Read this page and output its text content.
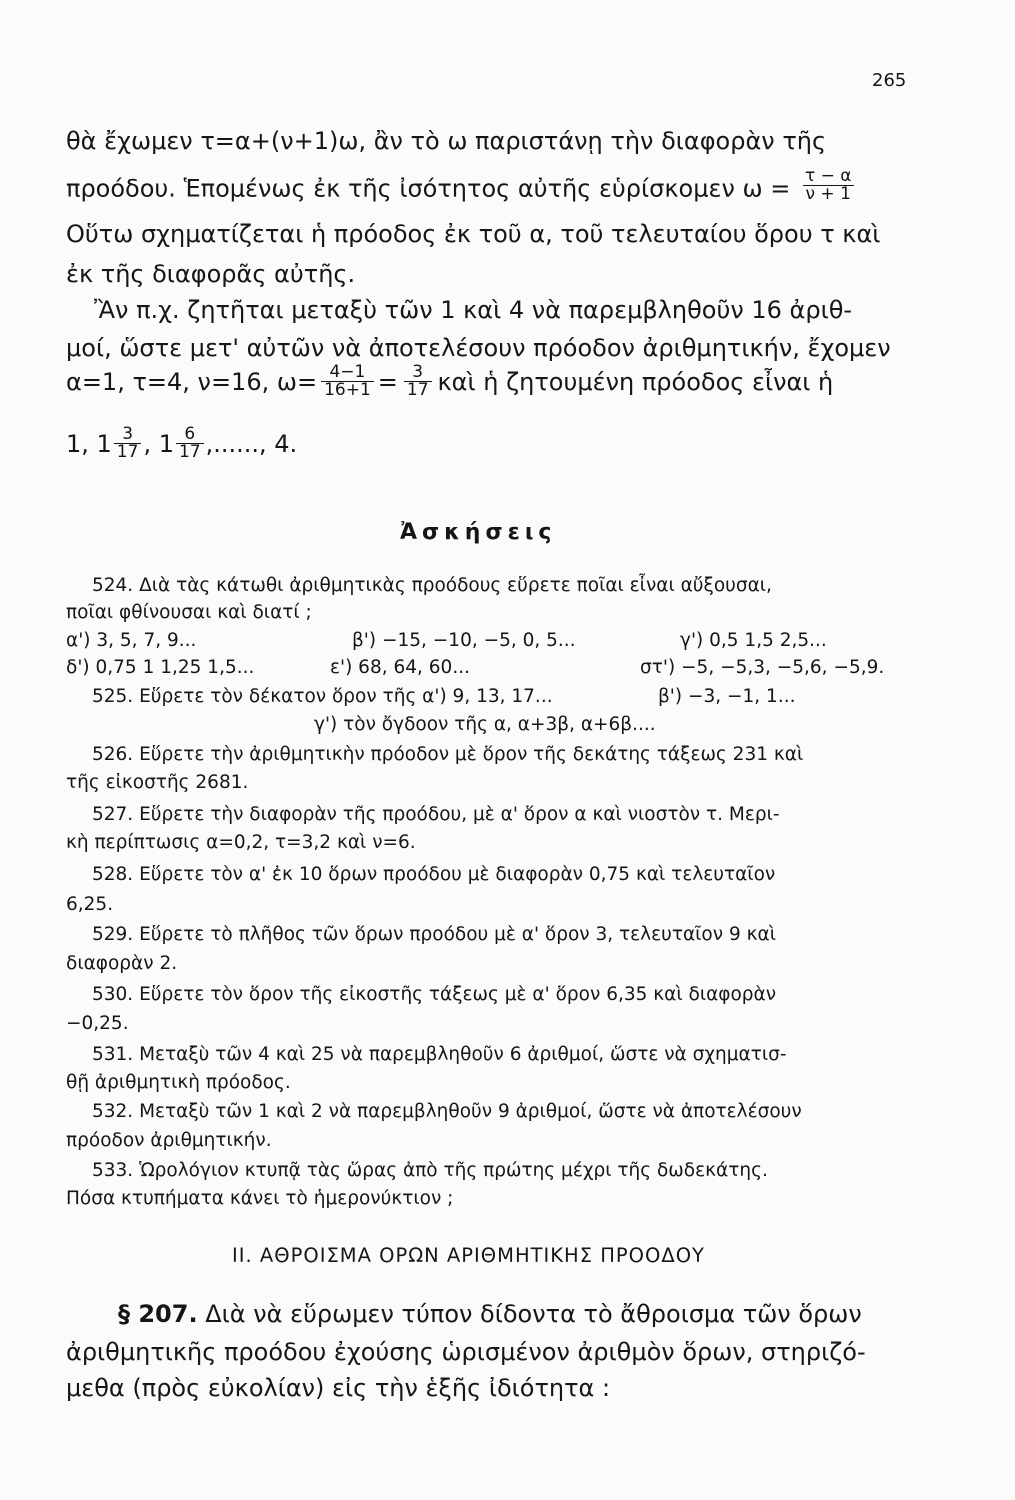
265
θὰ ἔχωμεν τ=α+(ν+1)ω, ἂν τὸ ω παριστάνῃ τὴν διαφορὰν τῆς
προόδου. Ἑπομένως ἐκ τῆς ἰσότητος αὐτῆς εὑρίσκομεν $\omega = \frac{\tau - \alpha}{\nu + 1}$
Οὕτω σχηματίζεται ἡ πρόοδος ἐκ τοῦ α, τοῦ τελευταίου ὅρου τ καὶ
ἐκ τῆς διαφορᾶς αὐτῆς.
Ἂν π.χ. ζητῆται μεταξὺ τῶν 1 καὶ 4 νὰ παρεμβληθοῦν 16 ἀριθ-
μοί, ὥστε μετ' αὐτῶν νὰ ἀποτελέσουν πρόοδον ἀριθμητικήν, ἔχομεν
α=1, τ=4, ν=16, $\omega= \frac{4-1}{16+1} = \frac{3}{17}$ καὶ ἡ ζητουμένη πρόοδος εἶναι ἡ
1, $1 \frac{3}{17}$ , $1 \frac{6}{17}$ ,......, 4.
Ἀσκήσεις
524. Διὰ τὰς κάτωθι ἀριθμητικὰς προόδους εὕρετε ποῖαι εἶναι αὔξουσαι,
ποῖαι φθίνουσαι καὶ διατί ;
α') 3, 5, 7, 9...	β') −15, −10, −5, 0, 5...	γ') 0,5 1,5 2,5...
δ') 0,75 1 1,25 1,5...	ε') 68, 64, 60...	στ') −5, −5,3, −5,6, −5,9.
525. Εὕρετε τὸν δέκατον ὅρον τῆς α') 9, 13, 17...	β') −3, −1, 1...
γ') τὸν ὄγδοον τῆς α, α+3β, α+6β....
526. Εὕρετε τὴν ἀριθμητικὴν πρόοδον μὲ ὅρον τῆς δεκάτης τάξεως 231 καὶ
τῆς εἰκοστῆς 2681.
527. Εὕρετε τὴν διαφορὰν τῆς προόδου, μὲ α' ὅρον α καὶ νιοστὸν τ. Μερι-
κὴ περίπτωσις α=0,2, τ=3,2 καὶ ν=6.
528. Εὕρετε τὸν α' ἐκ 10 ὅρων προόδου μὲ διαφορὰν 0,75 καὶ τελευταῖον
6,25.
529. Εὕρετε τὸ πλῆθος τῶν ὅρων προόδου μὲ α' ὅρον 3, τελευταῖον 9 καὶ
διαφορὰν 2.
530. Εὕρετε τὸν ὅρον τῆς εἰκοστῆς τάξεως μὲ α' ὅρον 6,35 καὶ διαφορὰν
−0,25.
531. Μεταξὺ τῶν 4 καὶ 25 νὰ παρεμβληθοῦν 6 ἀριθμοί, ὥστε νὰ σχηματισ-
θῇ ἀριθμητικὴ πρόοδος.
532. Μεταξὺ τῶν 1 καὶ 2 νὰ παρεμβληθοῦν 9 ἀριθμοί, ὥστε νὰ ἀποτελέσουν
πρόοδον ἀριθμητικήν.
533. Ὡρολόγιον κτυπᾷ τὰς ὥρας ἀπὸ τῆς πρώτης μέχρι τῆς δωδεκάτης.
Πόσα κτυπήματα κάνει τὸ ἡμερονύκτιον ;
ΙΙ. ΑΘΡΟΙΣΜΑ ΟΡΩΝ ΑΡΙΘΜΗΤΙΚΗΣ ΠΡΟΟΔΟΥ
§ 207. Διὰ νὰ εὕρωμεν τύπον δίδοντα τὸ ἄθροισμα τῶν ὅρων
ἀριθμητικῆς προόδου ἐχούσης ὡρισμένον ἀριθμὸν ὅρων, στηριζό-
μεθα (πρὸς εὐκολίαν) εἰς τὴν ἑξῆς ἰδιότητα :
